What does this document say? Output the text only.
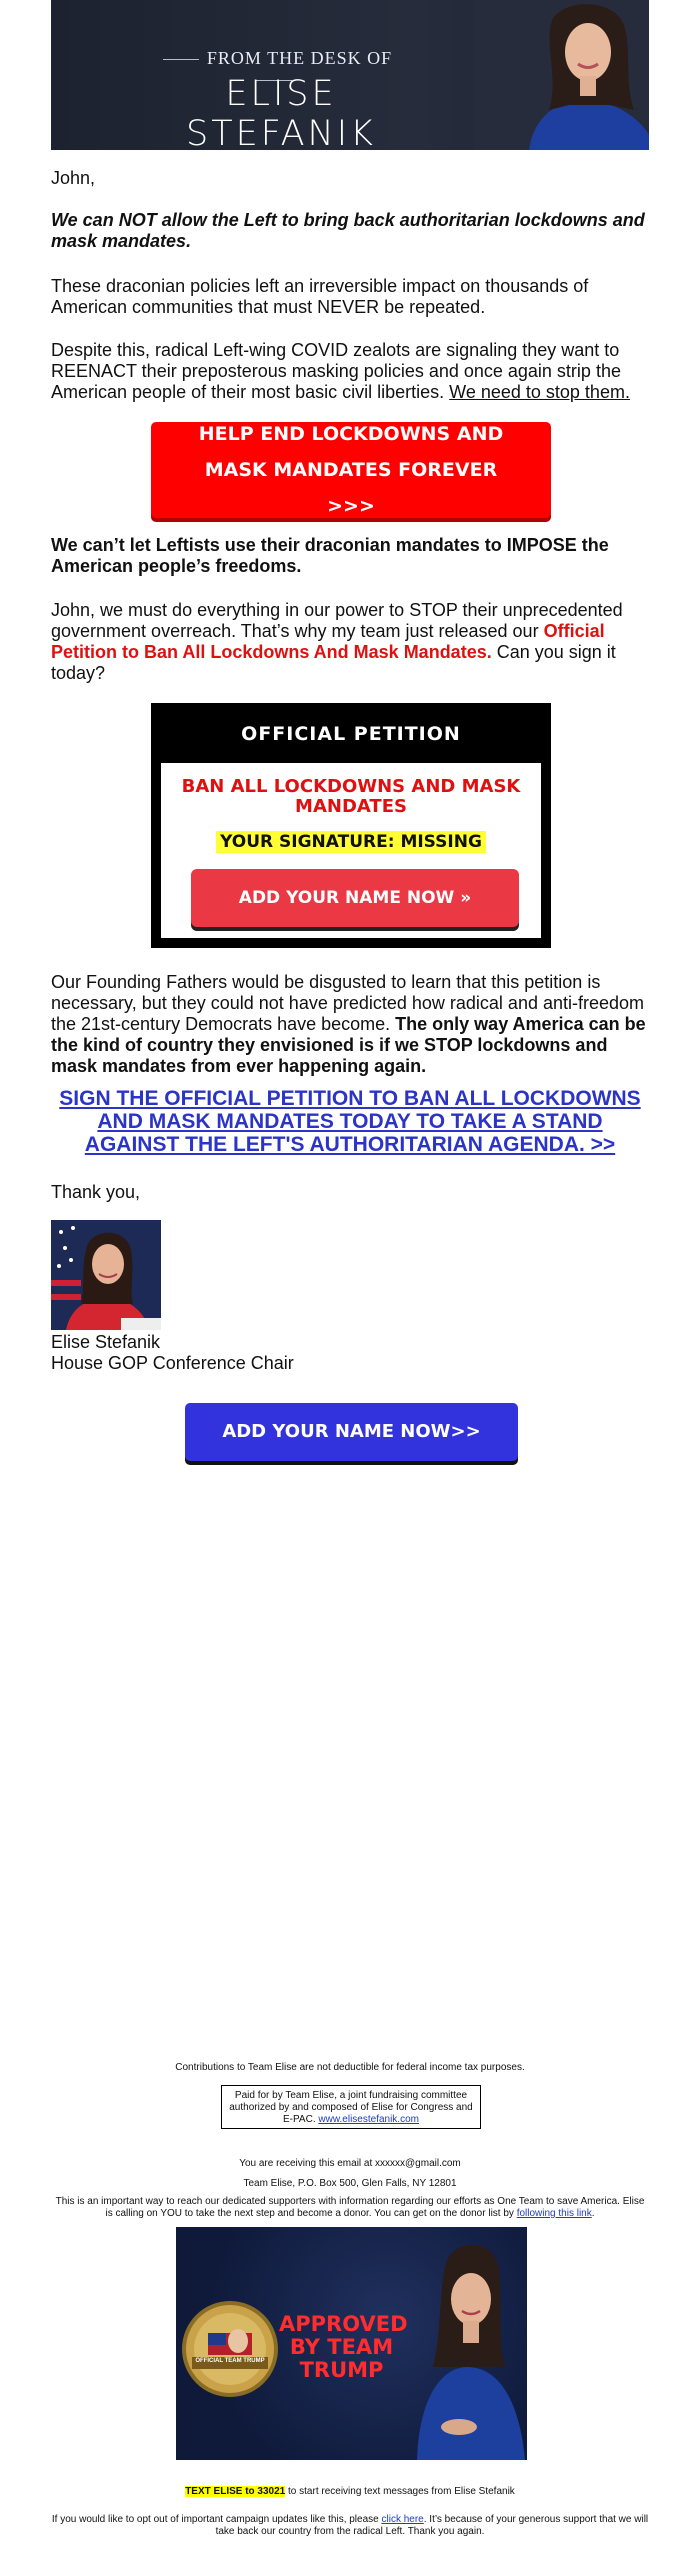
FROM THE DESK OF
ELISE STEFANIK

John,

We can NOT allow the Left to bring back authoritarian lockdowns and mask mandates.

These draconian policies left an irreversible impact on thousands of American communities that must NEVER be repeated.

Despite this, radical Left-wing COVID zealots are signaling they want to REENACT their preposterous masking policies and once again strip the American people of their most basic civil liberties. We need to stop them.

HELP END LOCKDOWNS AND MASK MANDATES FOREVER >>>

We can’t let Leftists use their draconian mandates to IMPOSE the American people’s freedoms.

John, we must do everything in our power to STOP their unprecedented government overreach. That’s why my team just released our Official Petition to Ban All Lockdowns And Mask Mandates. Can you sign it today?

OFFICIAL PETITION
BAN ALL LOCKDOWNS AND MASK MANDATES
YOUR SIGNATURE: MISSING
ADD YOUR NAME NOW »

Our Founding Fathers would be disgusted to learn that this petition is necessary, but they could not have predicted how radical and anti-freedom the 21st-century Democrats have become. The only way America can be the kind of country they envisioned is if we STOP lockdowns and mask mandates from ever happening again.

SIGN THE OFFICIAL PETITION TO BAN ALL LOCKDOWNS AND MASK MANDATES TODAY TO TAKE A STAND AGAINST THE LEFT'S AUTHORITARIAN AGENDA. >>

Thank you,

Elise Stefanik

House GOP Conference Chair

ADD YOUR NAME NOW>>
Contributions to Team Elise are not deductible for federal income tax purposes.
Paid for by Team Elise, a joint fundraising committee authorized by and composed of Elise for Congress and E-PAC. www.elisestefanik.com
You are receiving this email at xxxxxx@gmail.com
Team Elise, P.O. Box 500, Glen Falls, NY 12801
This is an important way to reach our dedicated supporters with information regarding our efforts as One Team to save America. Elise is calling on YOU to take the next step and become a donor. You can get on the donor list by following this link.
OFFICIAL TEAM TRUMP
APPROVED BY TEAM TRUMP
TEXT ELISE to 33021 to start receiving text messages from Elise Stefanik
If you would like to opt out of important campaign updates like this, please click here. It’s because of your generous support that we will take back our country from the radical Left. Thank you again.
